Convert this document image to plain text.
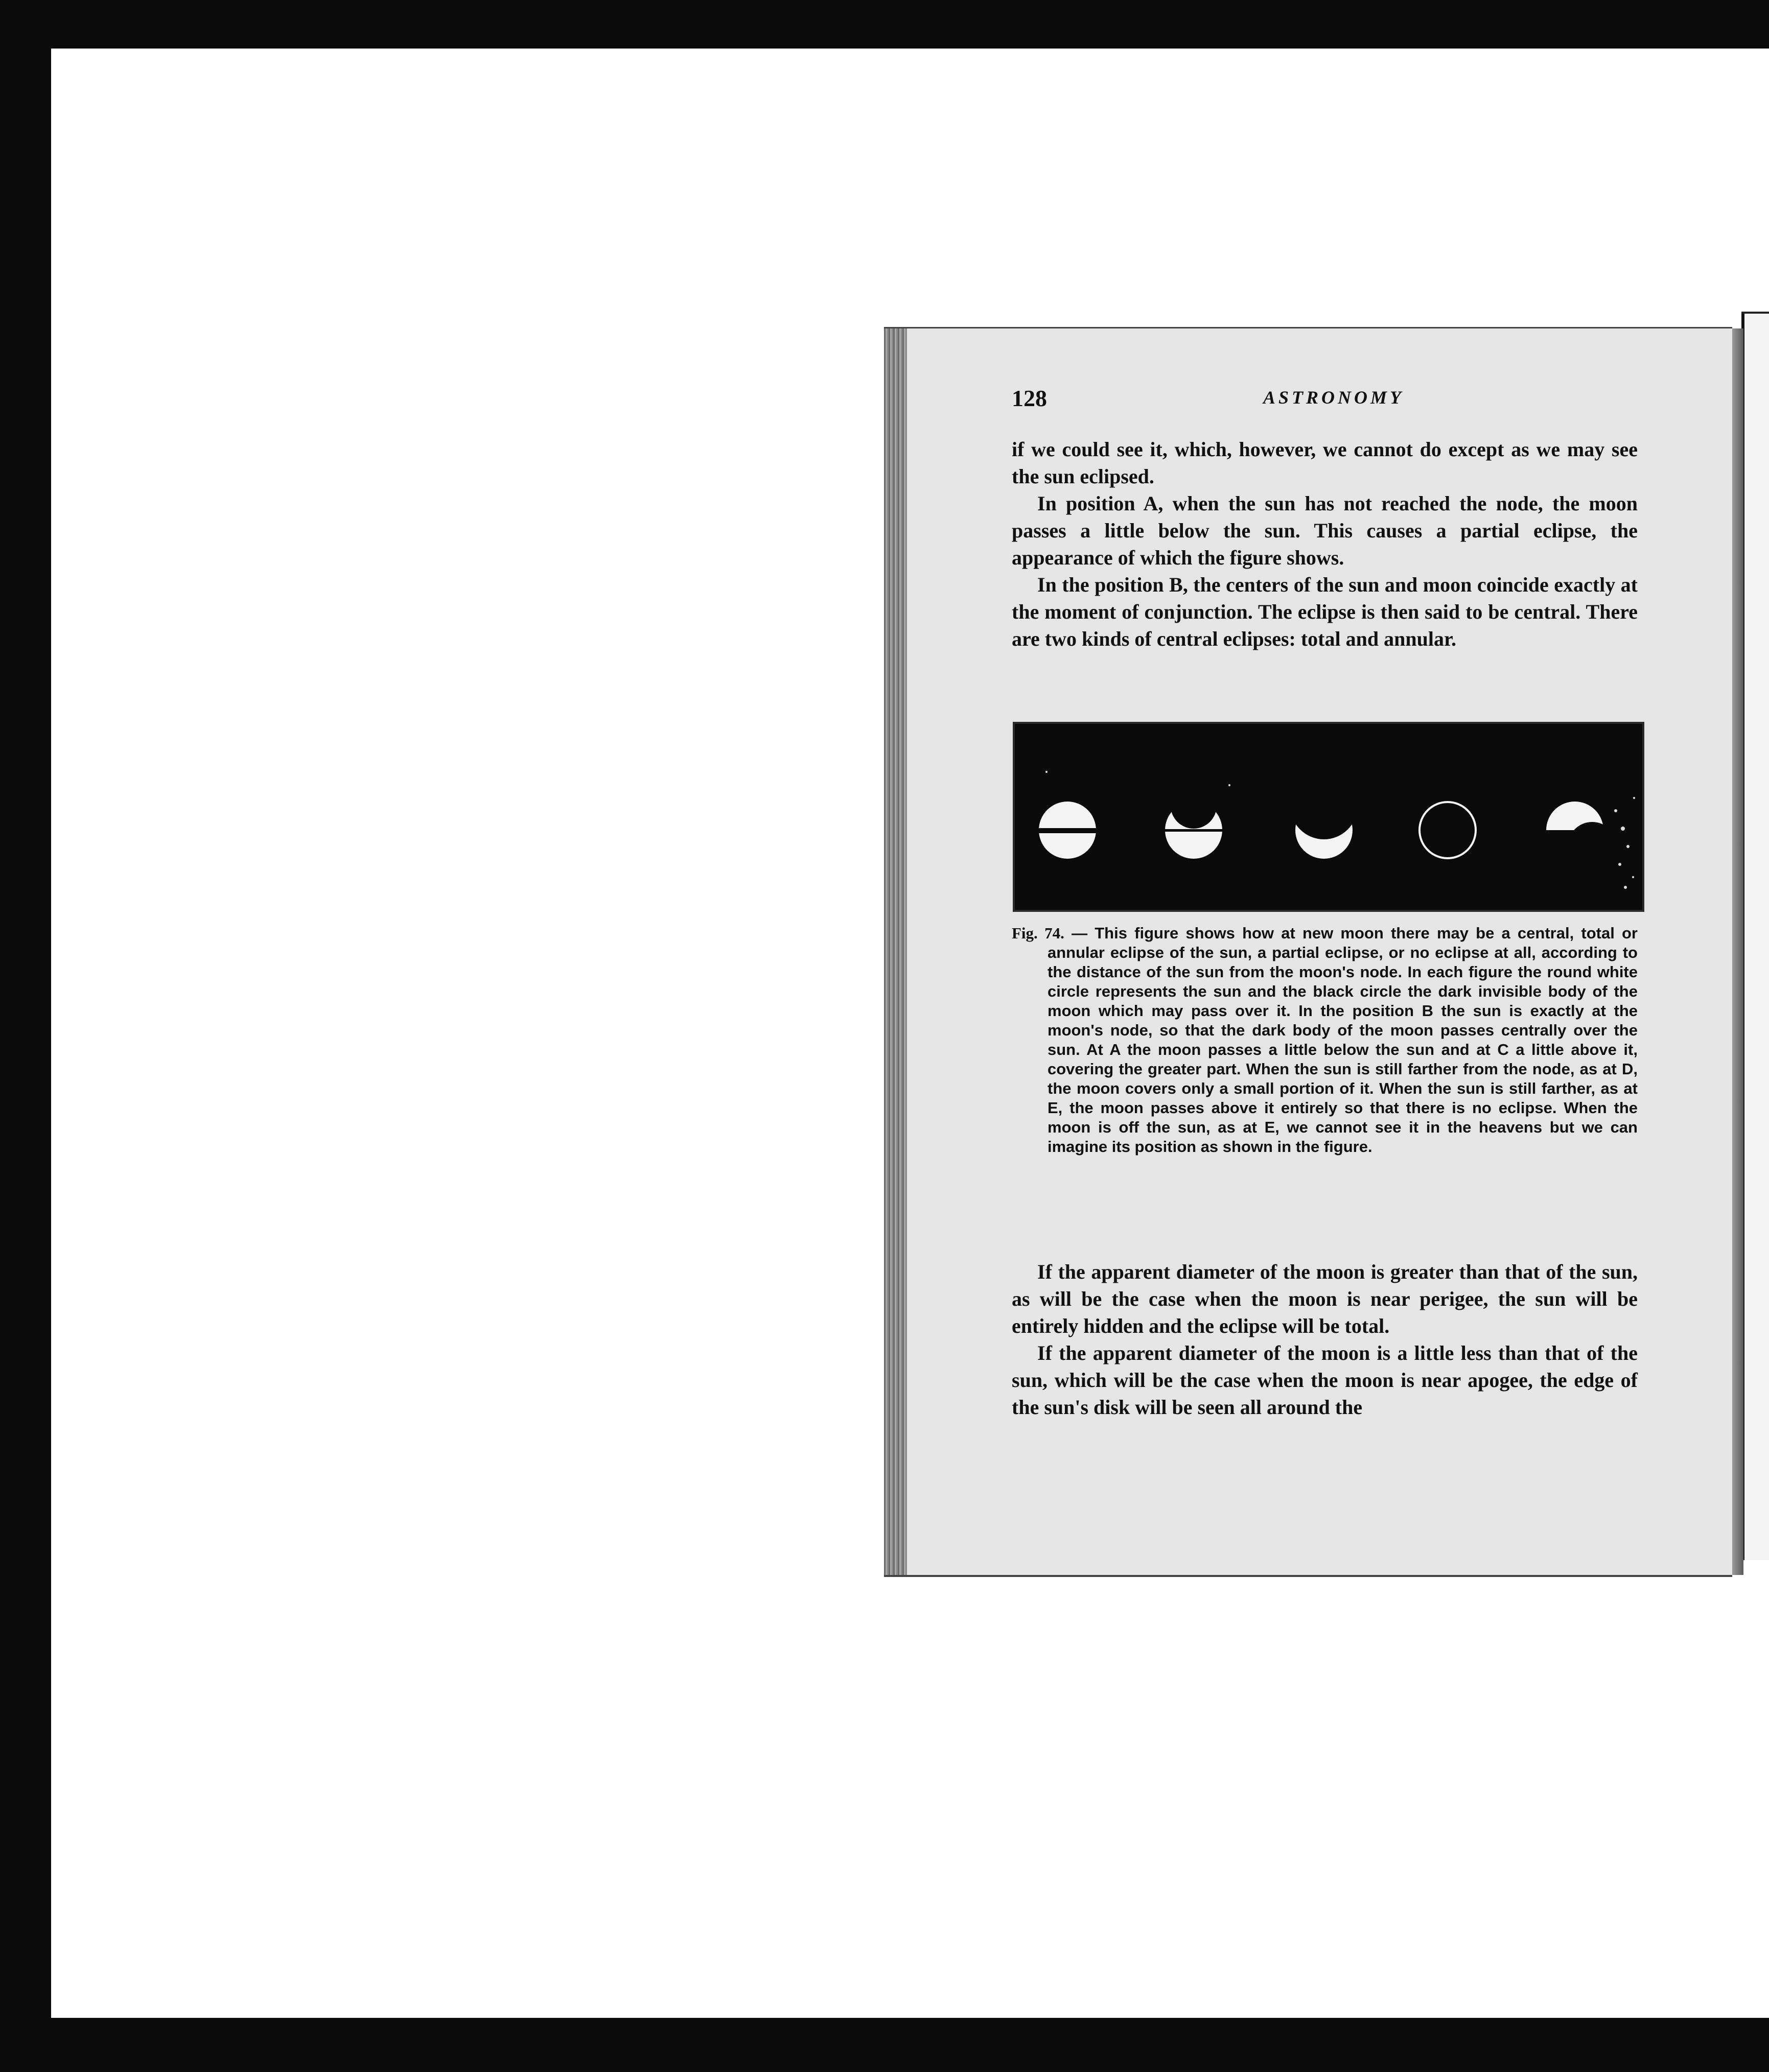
128	ASTRONOMY

if we could see it, which, however, we cannot do except as we may see the sun eclipsed.

In position A, when the sun has not reached the node, the moon passes a little below the sun. This causes a partial eclipse, the appearance of which the figure shows.

In the position B, the centers of the sun and moon coincide exactly at the moment of conjunction. The eclipse is then said to be central. There are two kinds of central eclipses: total and annular.

Fig. 74. — This figure shows how at new moon there may be a central, total or annular eclipse of the sun, a partial eclipse, or no eclipse at all, according to the distance of the sun from the moon's node. In each figure the round white circle represents the sun and the black circle the dark invisible body of the moon which may pass over it. In the position B the sun is exactly at the moon's node, so that the dark body of the moon passes centrally over the sun. At A the moon passes a little below the sun and at C a little above it, covering the greater part. When the sun is still farther from the node, as at D, the moon covers only a small portion of it. When the sun is still farther, as at E, the moon passes above it entirely so that there is no eclipse. When the moon is off the sun, as at E, we cannot see it in the heavens but we can imagine its position as shown in the figure.

If the apparent diameter of the moon is greater than that of the sun, as will be the case when the moon is near perigee, the sun will be entirely hidden and the eclipse will be total.

If the apparent diameter of the moon is a little less than that of the sun, which will be the case when the moon is near apogee, the edge of the sun's disk will be seen all around the
